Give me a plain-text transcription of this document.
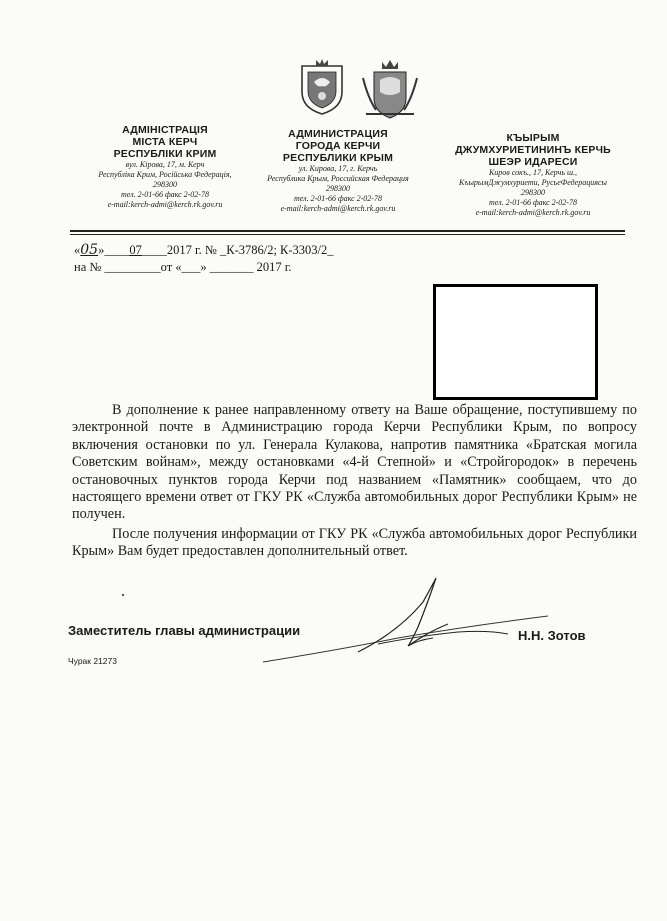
АДМІНІСТРАЦІЯ
МІСТА КЕРЧ
РЕСПУБЛІКИ КРИМ
вул. Кірова, 17, м. Керч
Республіка Крим, Російська Федерація,
298300
тел. 2-01-66 факс 2-02-78
e-mail:kerch-admi@kerch.rk.gov.ru
АДМИНИСТРАЦИЯ
ГОРОДА КЕРЧИ
РЕСПУБЛИКИ КРЫМ
ул. Кирова, 17, г. Керчь
Республика Крым, Российская Федерация
298300
тел. 2-01-66 факс 2-02-78
e-mail:kerch-admi@kerch.rk.gov.ru
КЪЫРЫМ
ДЖУМХУРИЕТИНИНЪ КЕРЧЬ
ШЕЭР ИДАРЕСИ
Киров сокъ., 17, Керчь ш.,
КъырымДжумхуриети, РусьеФедерациясы
298300
тел. 2-01-66 факс 2-02-78
e-mail:kerch-admi@kerch.rk.gov.ru
«05»____07____2017 г. № _К-3786/2; К-3303/2_
на № _________от «___» _______ 2017 г.

В дополнение к ранее направленному ответу на Ваше обращение, поступившему по электронной почте в Администрацию города Керчи Республики Крым, по вопросу включения остановки по ул. Генерала Кулакова, напротив памятника «Братская могила Советским войнам», между остановками «4-й Степной» и «Стройгородок» в перечень остановочных пунктов города Керчи под названием «Памятник» сообщаем, что до настоящего времени ответ от ГКУ РК «Служба автомобильных дорог Республики Крым» не получен.

После получения информации от ГКУ РК «Служба автомобильных дорог Республики Крым» Вам будет предоставлен дополнительный ответ.

Заместитель главы администрации	Н.Н. Зотов
Чурак 21273
